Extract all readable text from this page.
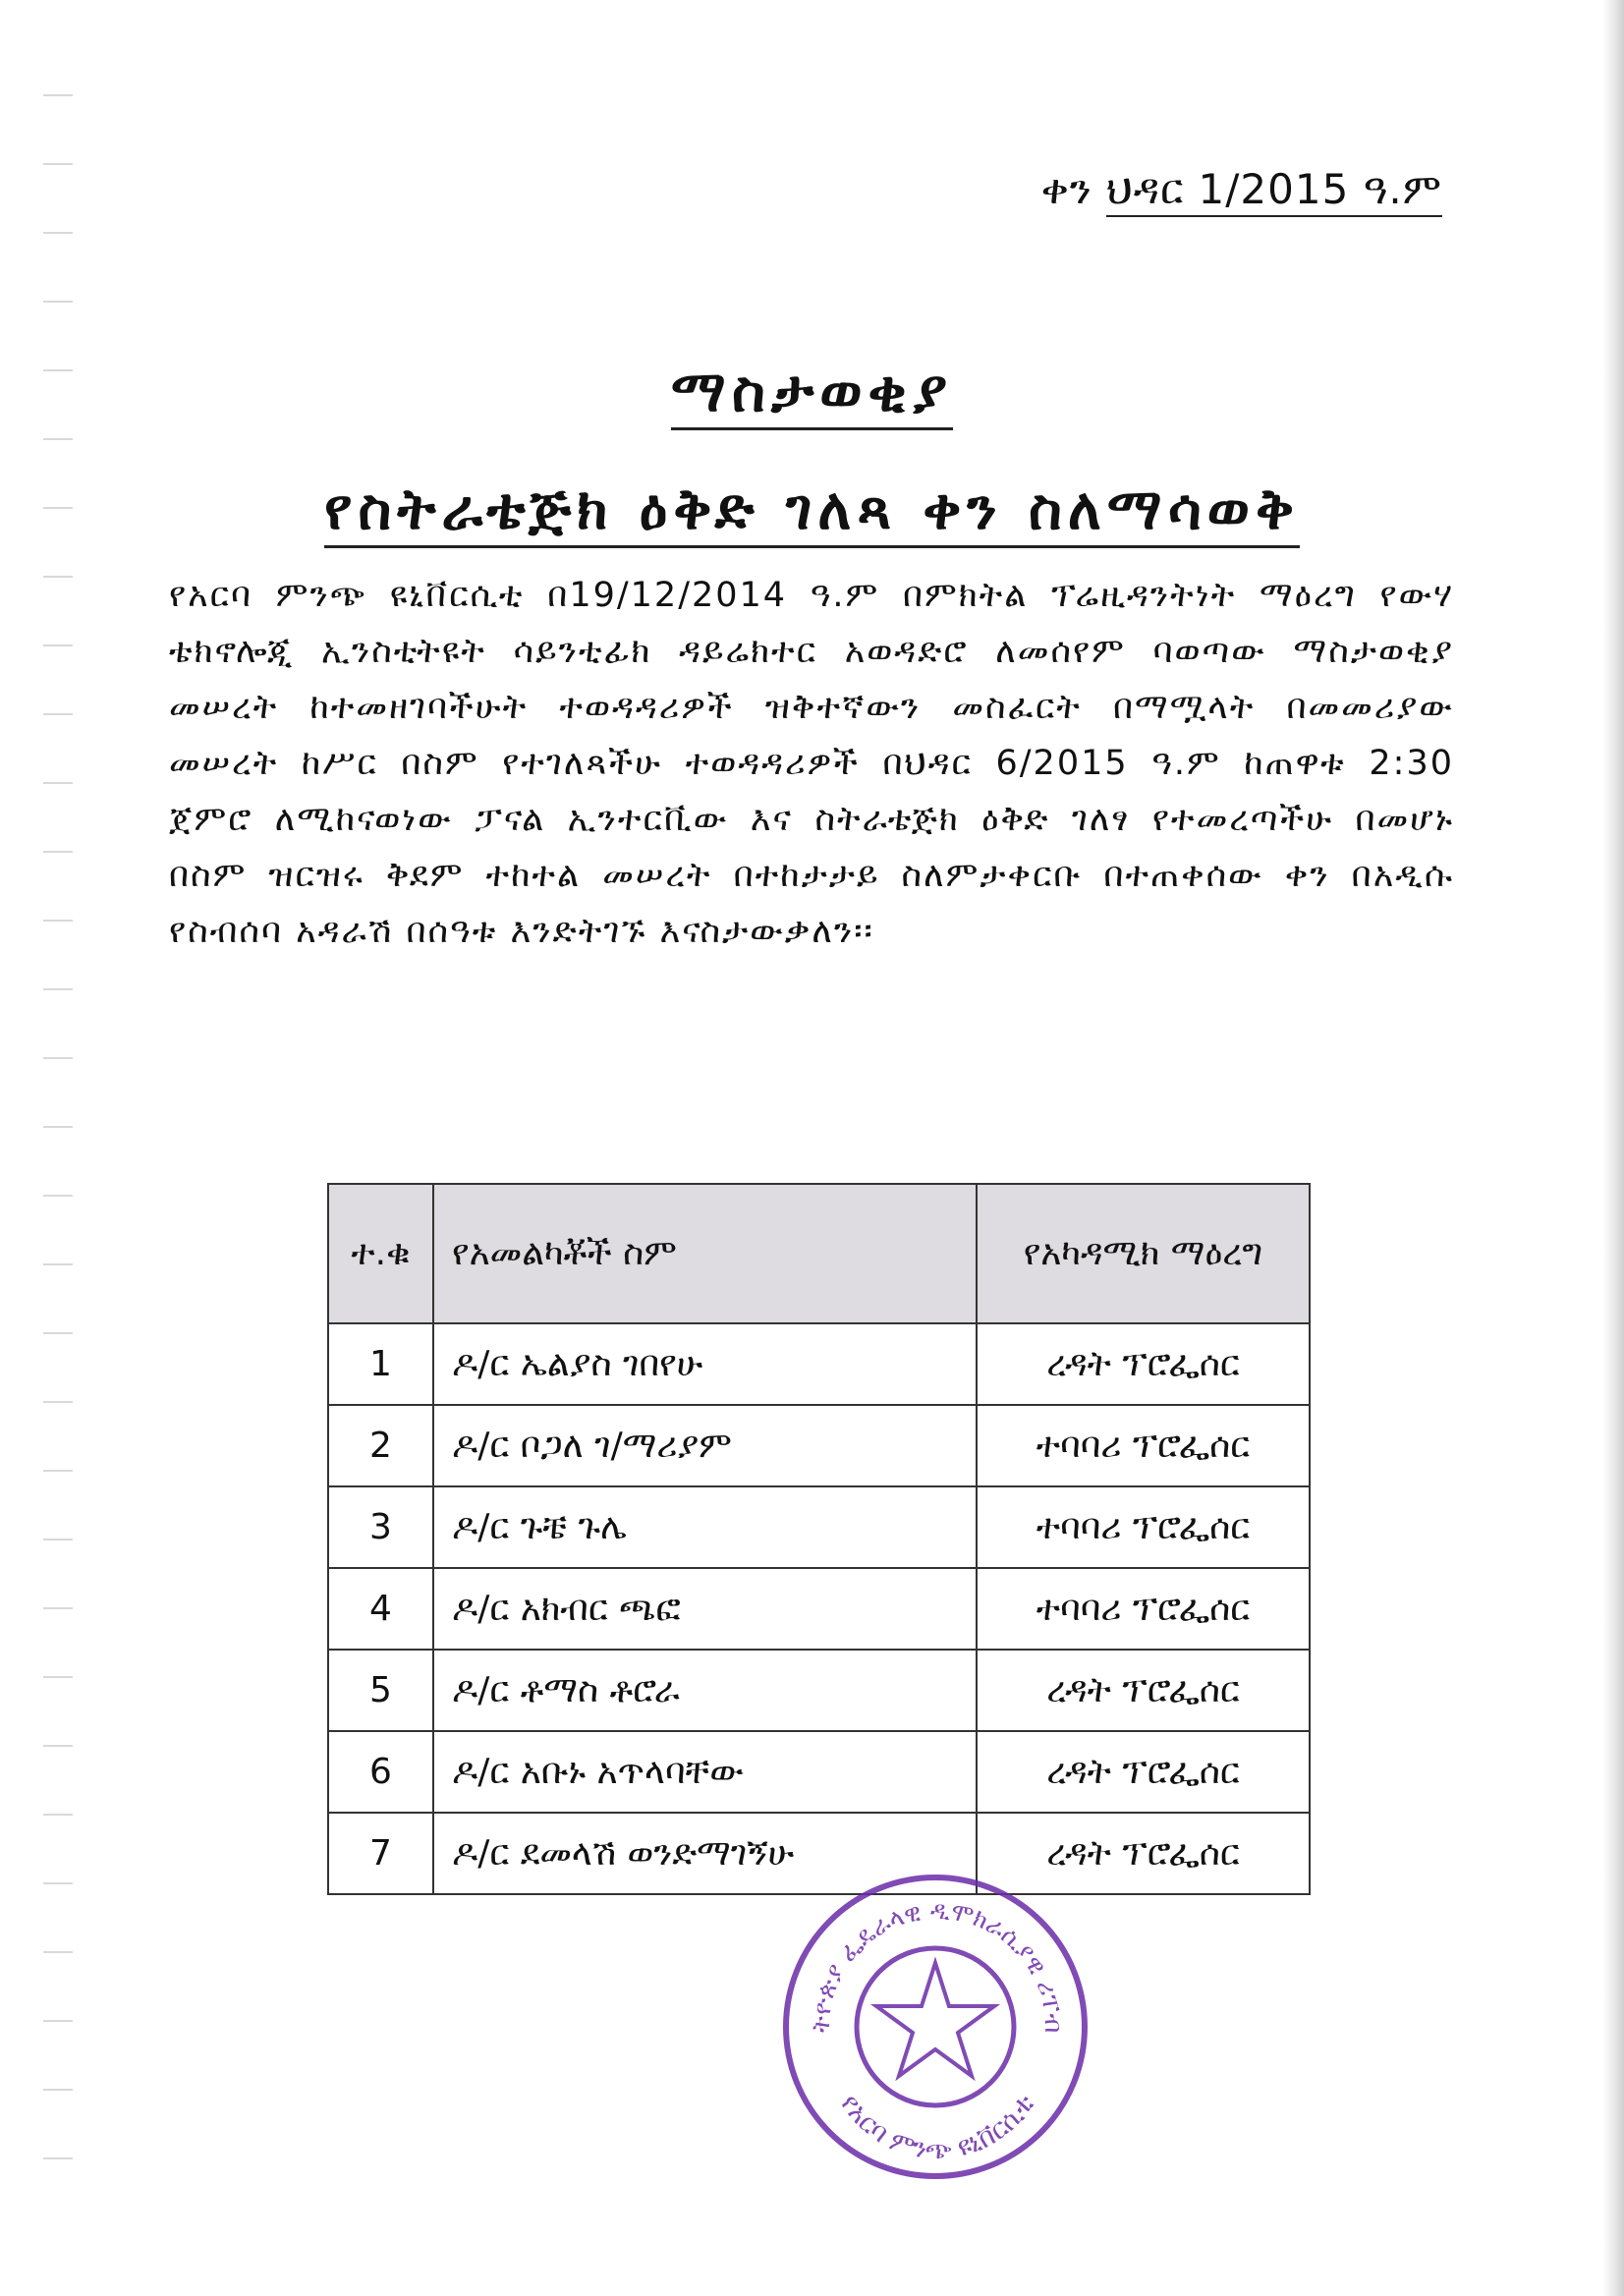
ቀን ህዳር 1/2015 ዓ.ም
ማስታወቂያ
የስትራቴጅክ ዕቅድ ገለጻ ቀን ስለማሳወቅ
የአርባ ምንጭ ዩኒቨርሲቲ በ19/12/2014 ዓ.ም በምክትል ፕሬዚዳንትነት ማዕረግ የውሃ ቴክኖሎጂ ኢንስቲትዩት ሳይንቲፊክ ዳይሬክተር አወዳድሮ ለመሰየም ባወጣው ማስታወቂያ መሠረት ከተመዘገባችሁት ተወዳዳሪዎች ዝቅተኛውን መስፈርት በማሟላት በመመሪያው መሠረት ከሥር በስም የተገለጻችሁ ተወዳዳሪዎች በህዳር 6/2015 ዓ.ም ከጠዋቱ 2:30 ጀምሮ ለሚከናወነው ፓናል ኢንተርቪው እና ስትራቴጅክ ዕቅድ ገለፃ የተመረጣችሁ በመሆኑ በስም ዝርዝሩ ቅደም ተከተል መሠረት በተከታታይ ስለምታቀርቡ በተጠቀሰው ቀን በአዲሱ የስብሰባ አዳራሽ በሰዓቱ እንድትገኙ እናስታውቃለን፡፡
ተ.ቁ	የአመልካቾች ስም	የአካዳሚክ ማዕረግ
1	ዶ/ር ኤልያስ ገበየሁ	ረዳት ፕሮፌሰር
2	ዶ/ር ቦጋለ ገ/ማሪያም	ተባባሪ ፕሮፌሰር
3	ዶ/ር ጉቼ ጉሌ	ተባባሪ ፕሮፌሰር
4	ዶ/ር አክብር ጫፎ	ተባባሪ ፕሮፌሰር
5	ዶ/ር ቶማስ ቶሮራ	ረዳት ፕሮፌሰር
6	ዶ/ር አቡኑ አጥላባቸው	ረዳት ፕሮፌሰር
7	ዶ/ር ደመላሽ ወንድማገኝሁ	ረዳት ፕሮፌሰር
ትዮጵያ ፌዴራላዊ ዲሞክራሲያዊ ሪፐብ
የአርባ ምንጭ ዩኒቨርሲቲ
